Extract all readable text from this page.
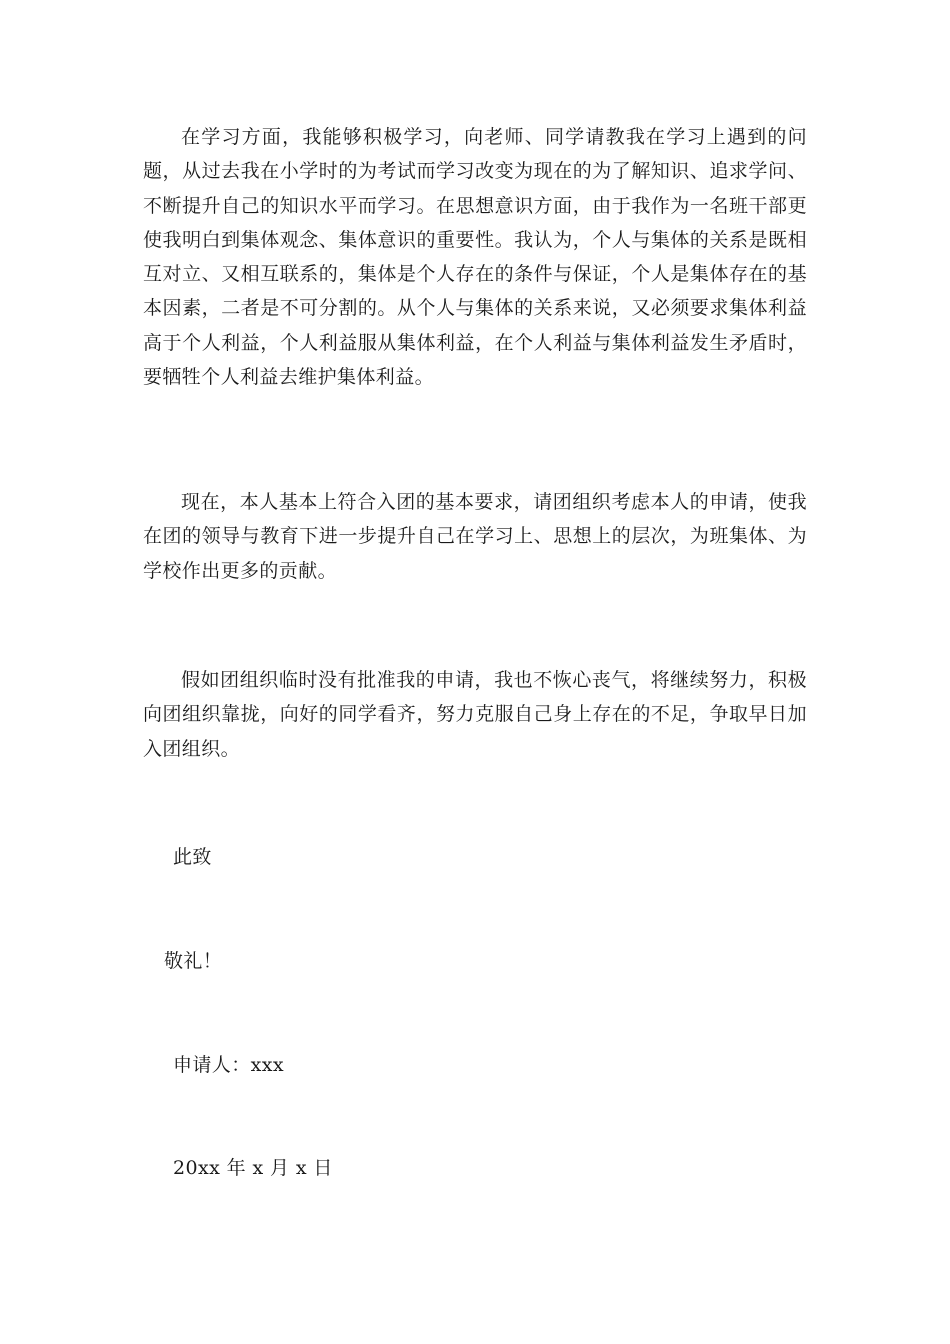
在学习方面，我能够积极学习，向老师、同学请教我在学习上遇到的问题，从过去我在小学时的为考试而学习改变为现在的为了解知识、追求学问、不断提升自己的知识水平而学习。在思想意识方面，由于我作为一名班干部更使我明白到集体观念、集体意识的重要性。我认为，个人与集体的关系是既相互对立、又相互联系的，集体是个人存在的条件与保证，个人是集体存在的基本因素，二者是不可分割的。从个人与集体的关系来说，又必须要求集体利益高于个人利益，个人利益服从集体利益，在个人利益与集体利益发生矛盾时，要牺牲个人利益去维护集体利益。

现在，本人基本上符合入团的基本要求，请团组织考虑本人的申请，使我在团的领导与教育下进一步提升自己在学习上、思想上的层次，为班集体、为学校作出更多的贡献。

假如团组织临时没有批准我的申请，我也不恢心丧气，将继续努力，积极向团组织靠拢，向好的同学看齐，努力克服自己身上存在的不足，争取早日加入团组织。

此致

敬礼！

申请人：xxx

20xx 年 x 月 x 日
